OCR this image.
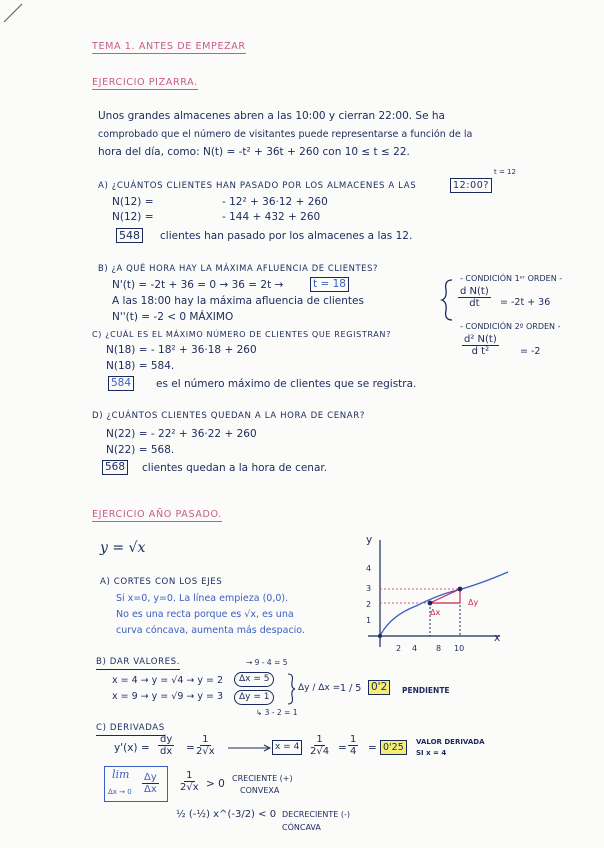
TEMA 1. ANTES DE EMPEZAR
EJERCICIO PIZARRA.
Unos grandes almacenes abren a las 10:00 y cierran 22:00. Se ha
comprobado que el número de visitantes puede representarse a función de la
hora del día, como: N(t) = -t² + 36t + 260 con 10 ≤ t ≤ 22.
t = 12
A) ¿CUÁNTOS CLIENTES HAN PASADO POR LOS ALMACENES A LAS	12:00?
N(12) =	- 12² + 36·12 + 260
N(12) =	- 144 + 432 + 260
548 clientes han pasado por los almacenes a las 12.
B) ¿A QUÉ HORA HAY LA MÁXIMA AFLUENCIA DE CLIENTES?
N'(t) = -2t + 36 = 0 → 36 = 2t →	t = 18
A las 18:00 hay la máxima afluencia de clientes
N''(t) = -2 < 0 MÁXIMO
- CONDICIÓN 1ᵉʳ ORDEN -
$\frac{\text{d N(t)}}{dt} = -2t + 36$
- CONDICIÓN 2º ORDEN -
$\frac{\text{d² N(t)}}{\text{d t²}} = -2$
C) ¿CUÁL ES EL MÁXIMO NÚMERO DE CLIENTES QUE REGISTRAN?
N(18) = - 18² + 36·18 + 260
N(18) = 584.
584 es el número máximo de clientes que se registra.
D) ¿CUÁNTOS CLIENTES QUEDAN A LA HORA DE CENAR?
N(22) = - 22² + 36·22 + 260
N(22) = 568.
568 clientes quedan a la hora de cenar.
EJERCICIO AÑO PASADO.
y = √x
A) CORTES CON LOS EJES
Si x=0, y=0. La línea empieza (0,0).
No es una recta porque es √x, es una
curva cóncava, aumenta más despacio.
y
x
4
3
2
1
2 4 8 10
Δx
Δy
B) DAR VALORES.	→ 9 - 4 = 5
x = 4 → y = √4 → y = 2
x = 9 → y = √9 → y = 3
Δx = 5
Δy = 1
↳ 3 - 2 = 1
Δy / Δx = 1 / 5 0'2	PENDIENTE
C) DERIVADAS
$y'(x) = \frac{dy}{dx} = \frac{1}{2√x}$	$x = 4 \frac{1}{2√4} = \frac{1}{4} = 0'25$	VALOR DERIVADA
SI x = 4
lim
$\Delta x \to 0 \frac{\Delta y}{\Delta x} \frac{1}{2√x} > 0$ CRECIENTE (+)
CONVEXA
½ (-½) x^(-3/2) < 0 DECRECIENTE (-)
CÓNCAVA
